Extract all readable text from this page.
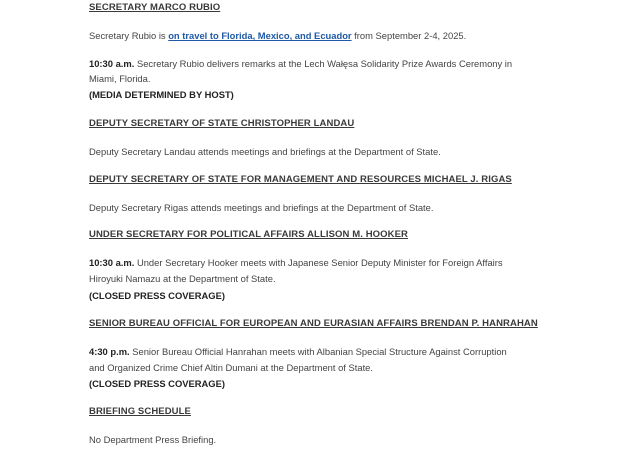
SECRETARY MARCO RUBIO
Secretary Rubio is on travel to Florida, Mexico, and Ecuador from September 2-4, 2025.
10:30 a.m. Secretary Rubio delivers remarks at the Lech Wałęsa Solidarity Prize Awards Ceremony in
Miami, Florida.
(MEDIA DETERMINED BY HOST)
DEPUTY SECRETARY OF STATE CHRISTOPHER LANDAU
Deputy Secretary Landau attends meetings and briefings at the Department of State.
DEPUTY SECRETARY OF STATE FOR MANAGEMENT AND RESOURCES MICHAEL J. RIGAS
Deputy Secretary Rigas attends meetings and briefings at the Department of State.
UNDER SECRETARY FOR POLITICAL AFFAIRS ALLISON M. HOOKER
10:30 a.m. Under Secretary Hooker meets with Japanese Senior Deputy Minister for Foreign Affairs
Hiroyuki Namazu at the Department of State.
(CLOSED PRESS COVERAGE)
SENIOR BUREAU OFFICIAL FOR EUROPEAN AND EURASIAN AFFAIRS BRENDAN P. HANRAHAN
4:30 p.m. Senior Bureau Official Hanrahan meets with Albanian Special Structure Against Corruption
and Organized Crime Chief Altin Dumani at the Department of State.
(CLOSED PRESS COVERAGE)
BRIEFING SCHEDULE
No Department Press Briefing.
